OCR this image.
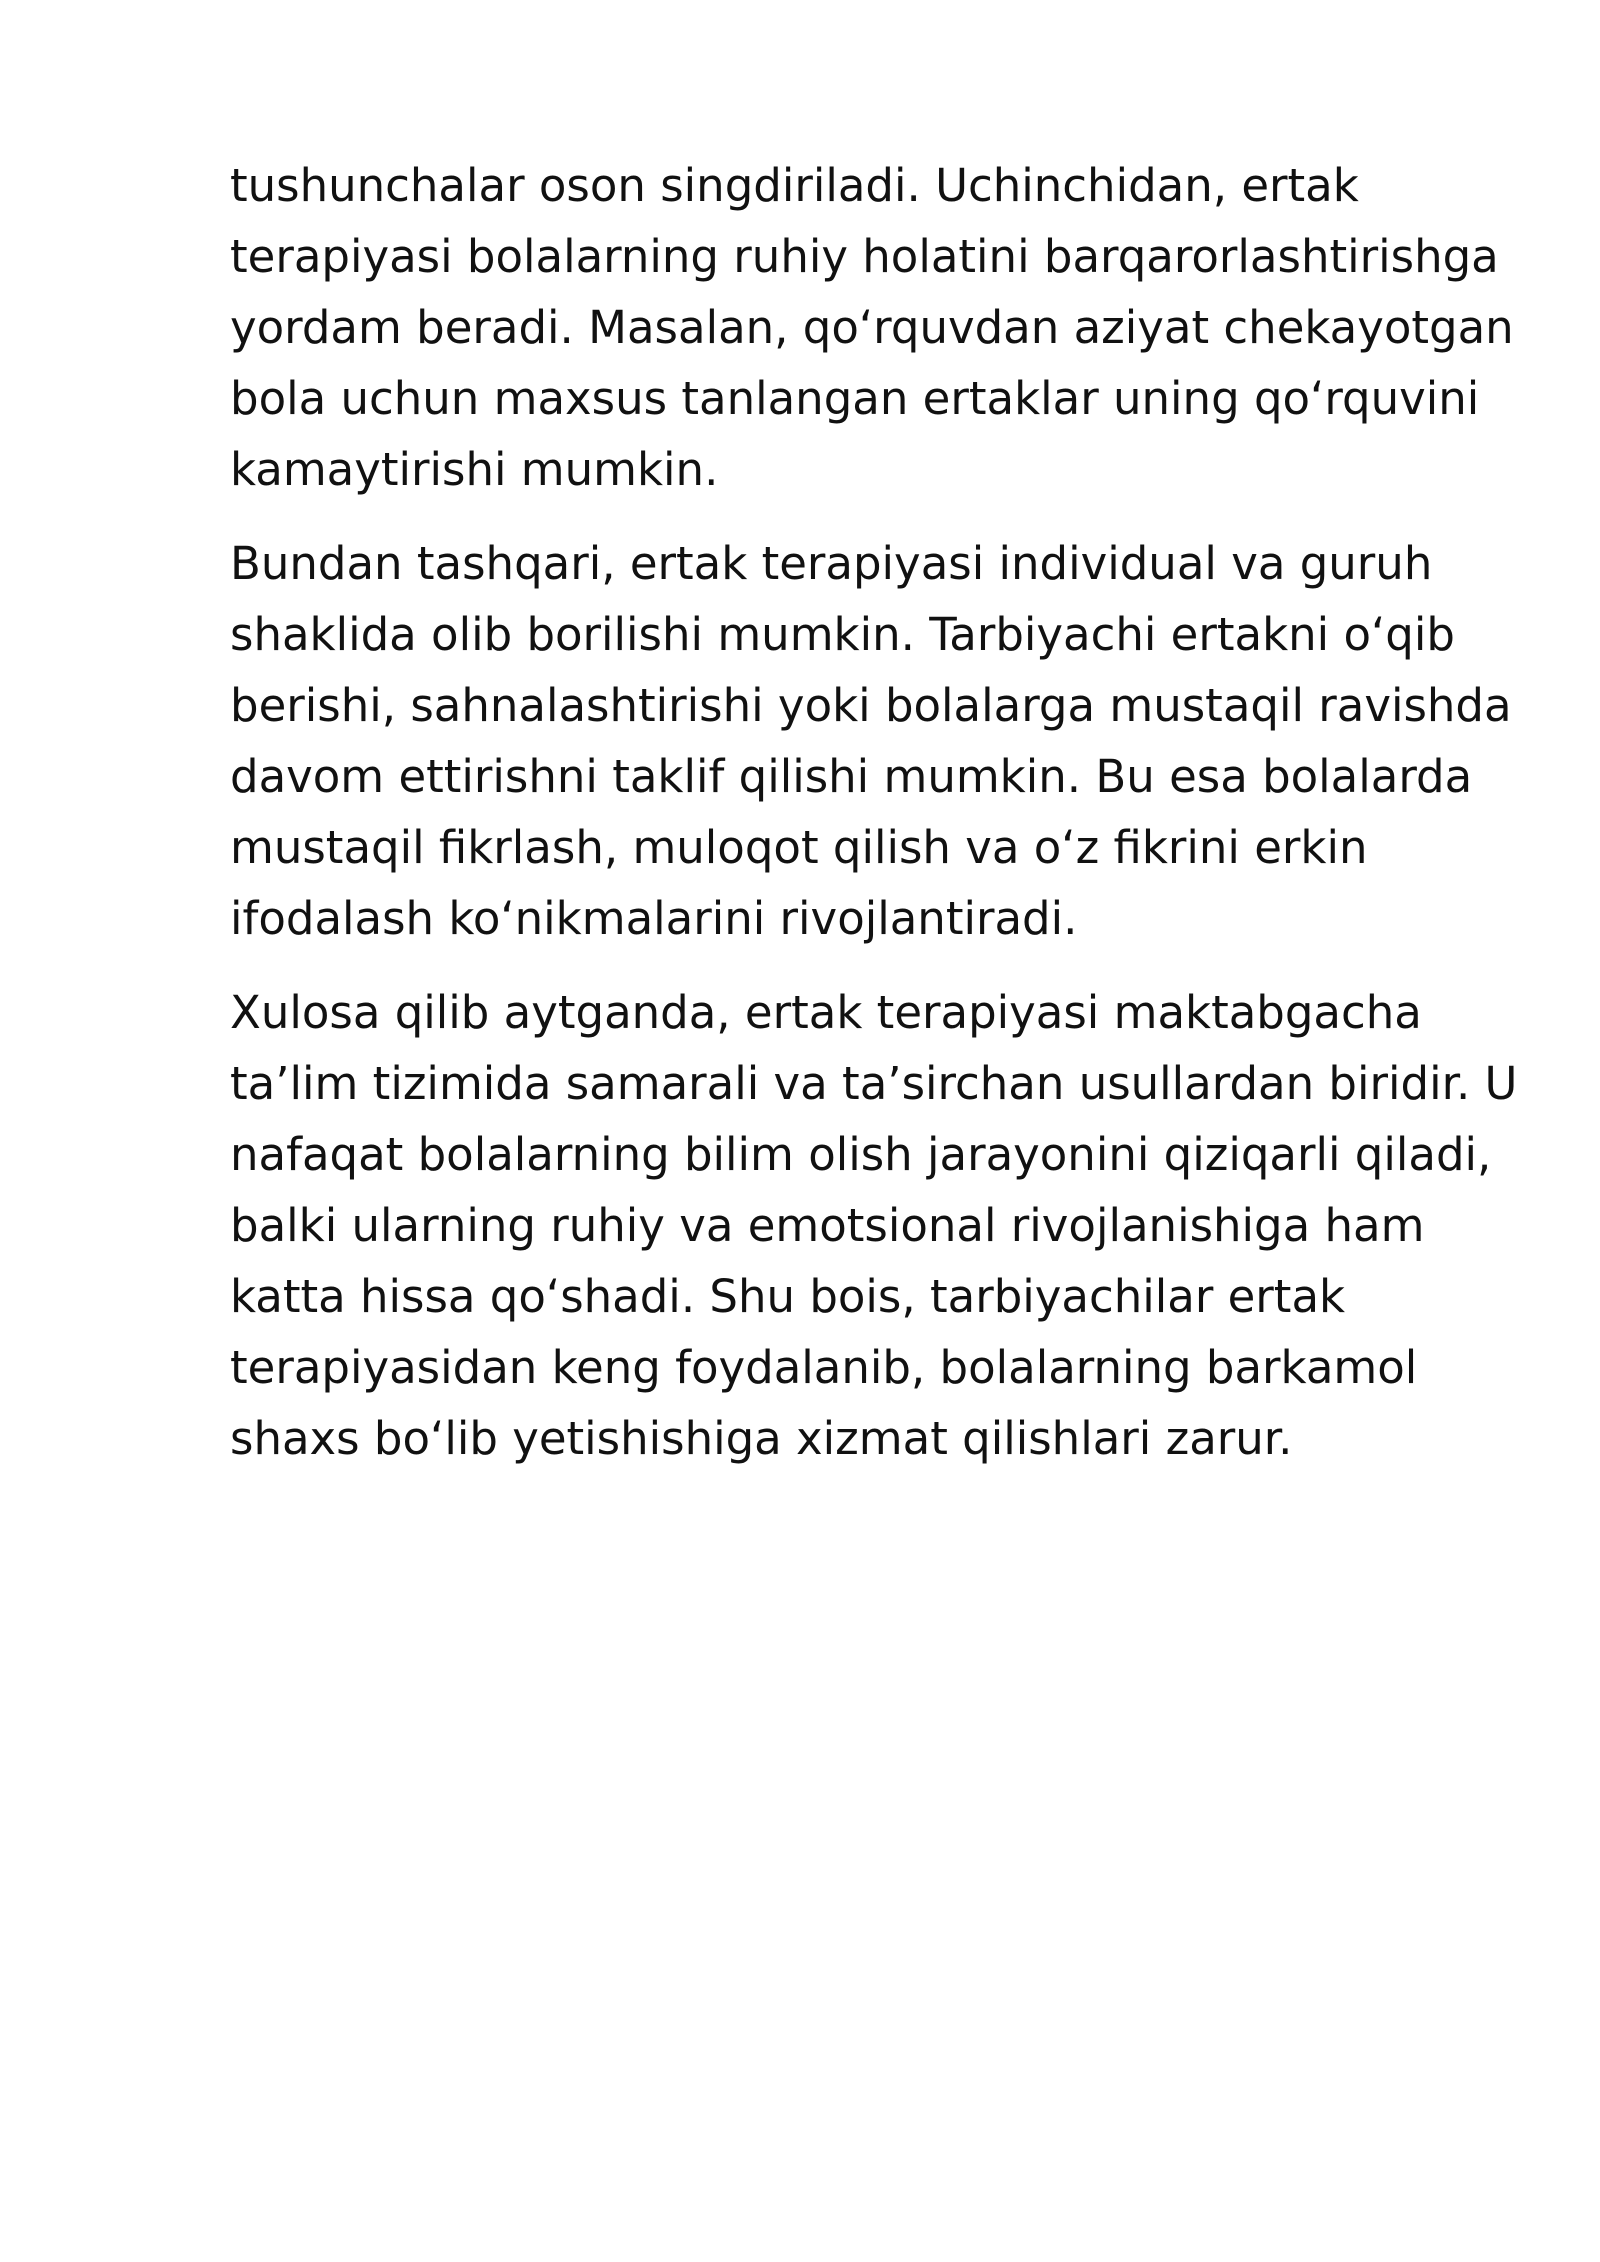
tushunchalar oson singdiriladi. Uchinchidan, ertak
terapiyasi bolalarning ruhiy holatini barqarorlashtirishga
yordam beradi. Masalan, qoʻrquvdan aziyat chekayotgan
bola uchun maxsus tanlangan ertaklar uning qoʻrquvini
kamaytirishi mumkin.
Bundan tashqari, ertak terapiyasi individual va guruh
shaklida olib borilishi mumkin. Tarbiyachi ertakni oʻqib
berishi, sahnalashtirishi yoki bolalarga mustaqil ravishda
davom ettirishni taklif qilishi mumkin. Bu esa bolalarda
mustaqil fikrlash, muloqot qilish va oʻz fikrini erkin
ifodalash koʻnikmalarini rivojlantiradi.
Xulosa qilib aytganda, ertak terapiyasi maktabgacha
ta’lim tizimida samarali va ta’sirchan usullardan biridir. U
nafaqat bolalarning bilim olish jarayonini qiziqarli qiladi,
balki ularning ruhiy va emotsional rivojlanishiga ham
katta hissa qoʻshadi. Shu bois, tarbiyachilar ertak
terapiyasidan keng foydalanib, bolalarning barkamol
shaxs boʻlib yetishishiga xizmat qilishlari zarur.
